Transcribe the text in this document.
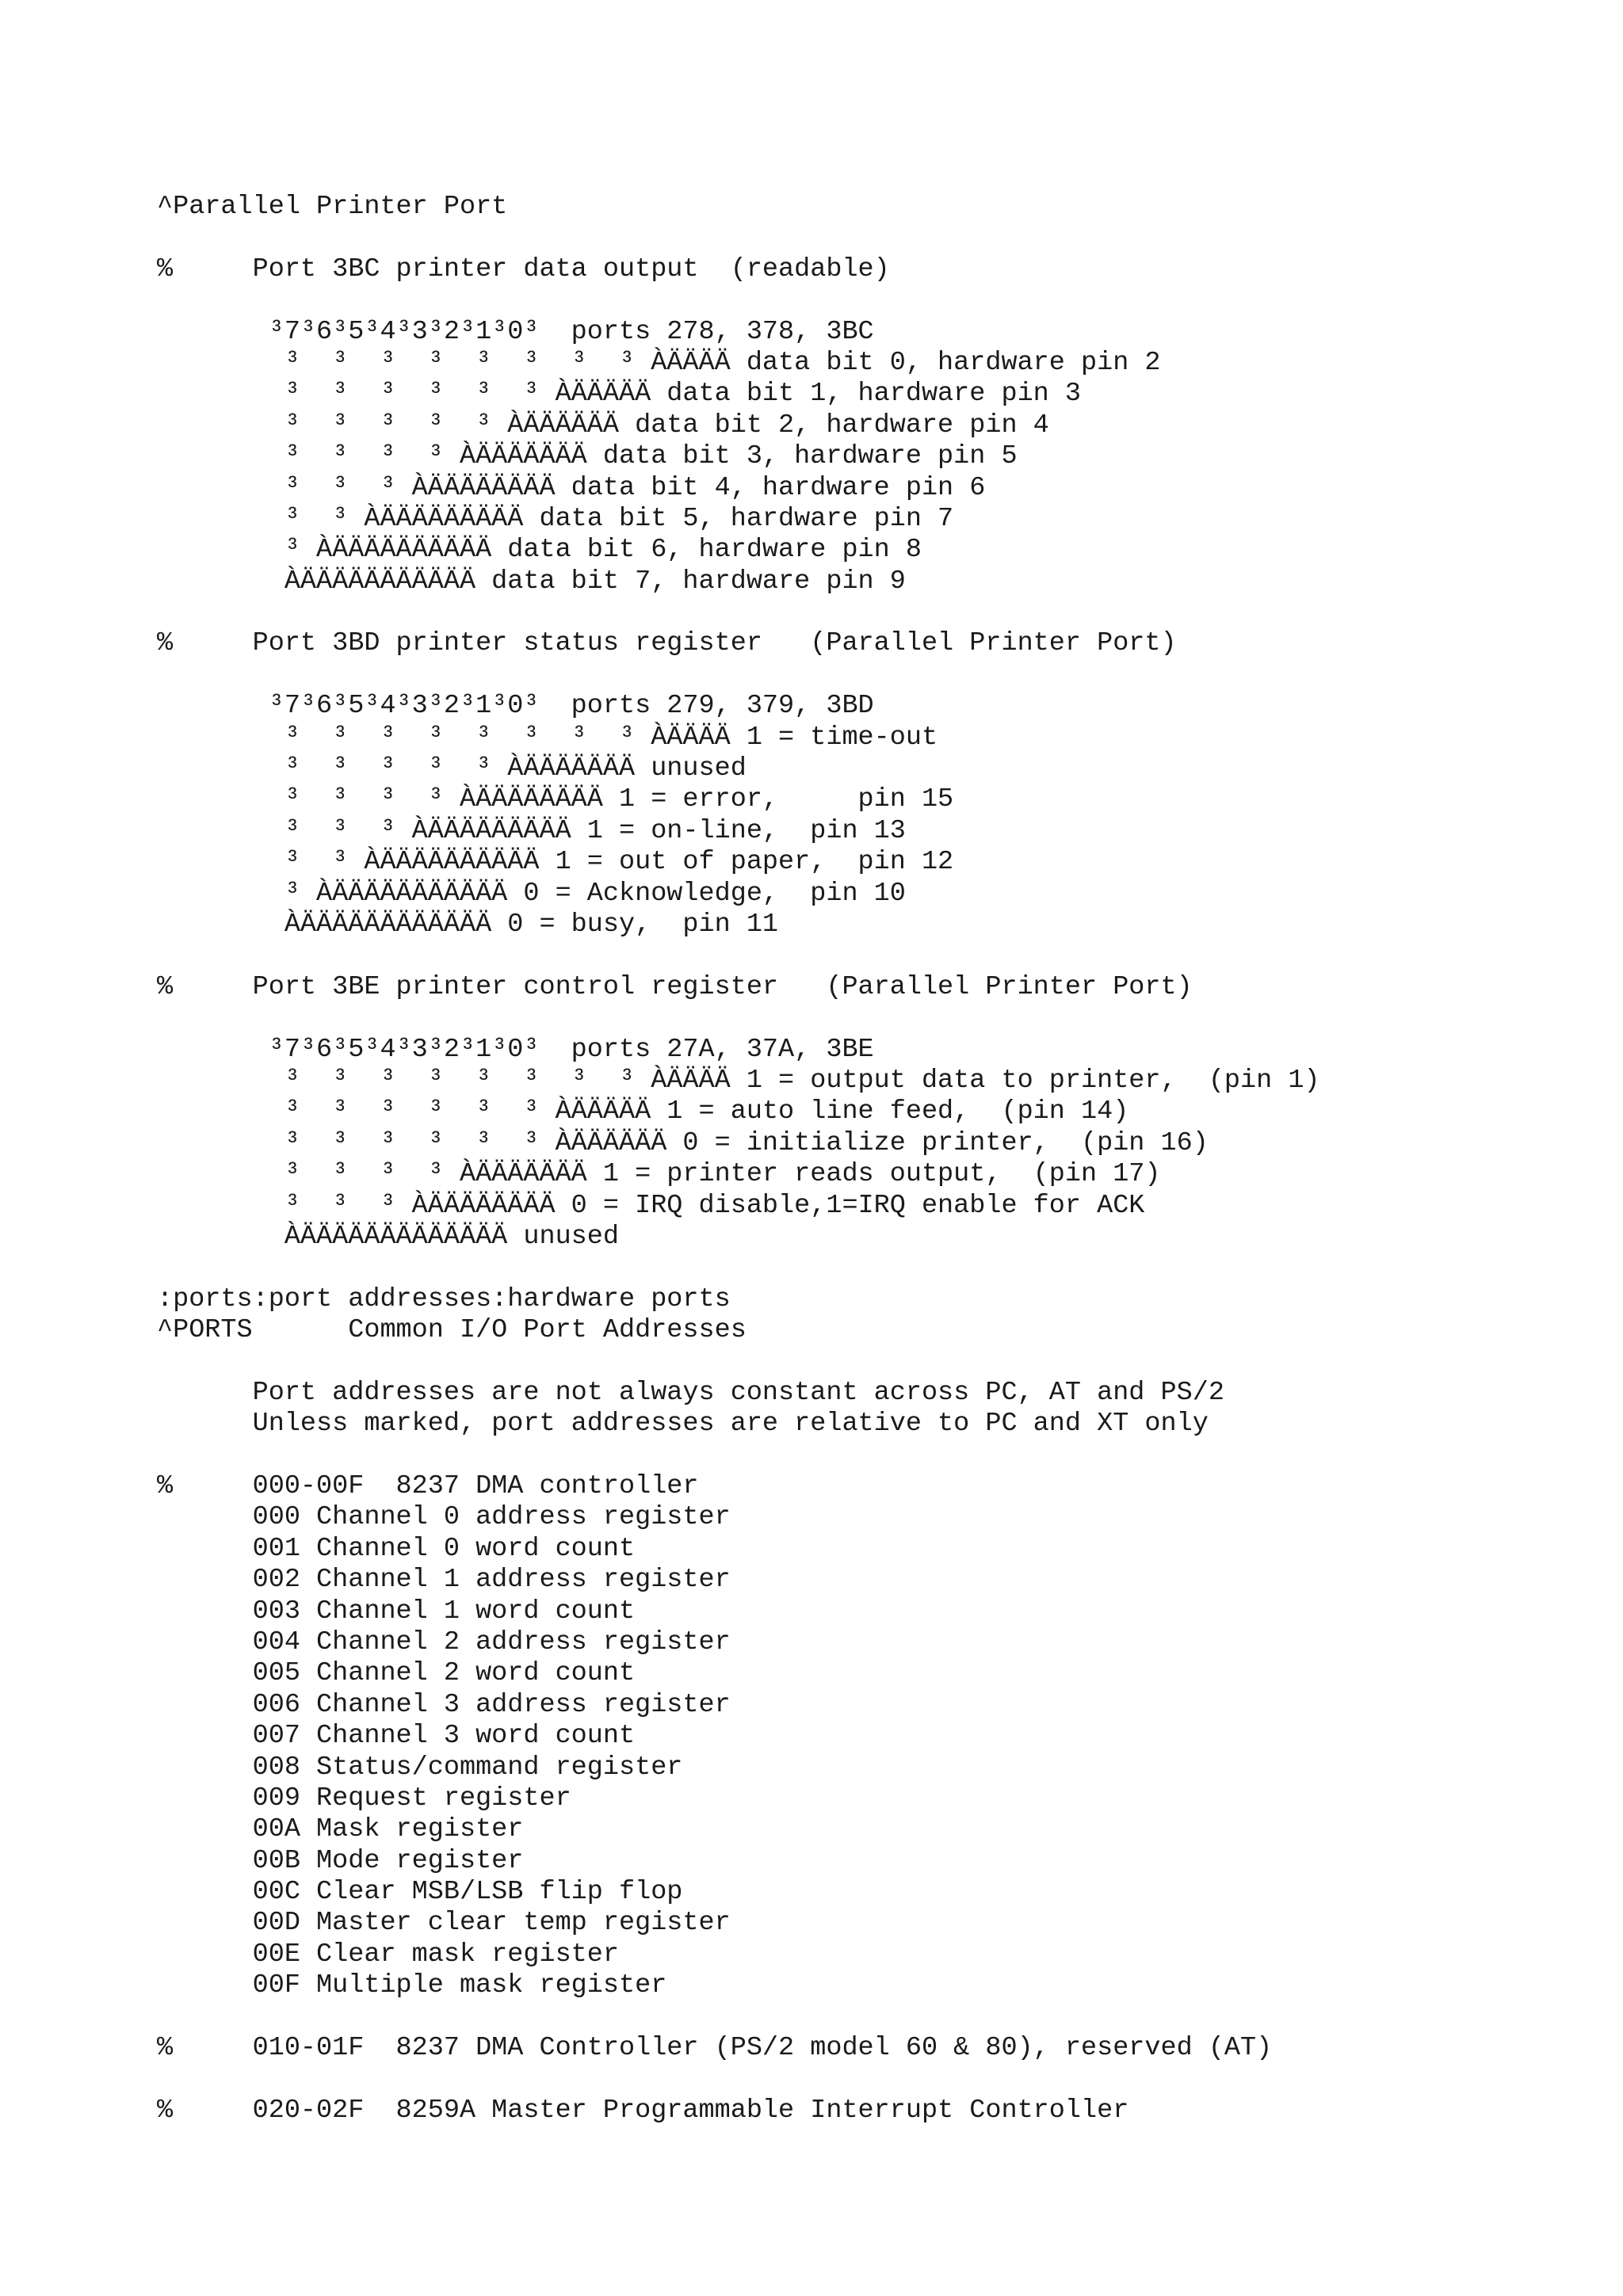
^Parallel Printer Port

%     Port 3BC printer data output  (readable)

³7³6³5³4³3³2³1³0³  ports 278, 378, 3BC
³  ³  ³  ³  ³  ³  ³  ³ ÀÄÄÄÄ data bit 0, hardware pin 2
³  ³  ³  ³  ³  ³ ÀÄÄÄÄÄ data bit 1, hardware pin 3
³  ³  ³  ³  ³ ÀÄÄÄÄÄÄ data bit 2, hardware pin 4
³  ³  ³  ³ ÀÄÄÄÄÄÄÄ data bit 3, hardware pin 5
³  ³  ³ ÀÄÄÄÄÄÄÄÄ data bit 4, hardware pin 6
³  ³ ÀÄÄÄÄÄÄÄÄÄ data bit 5, hardware pin 7
³ ÀÄÄÄÄÄÄÄÄÄÄ data bit 6, hardware pin 8
ÀÄÄÄÄÄÄÄÄÄÄÄ data bit 7, hardware pin 9

%     Port 3BD printer status register   (Parallel Printer Port)

³7³6³5³4³3³2³1³0³  ports 279, 379, 3BD
³  ³  ³  ³  ³  ³  ³  ³ ÀÄÄÄÄ 1 = time-out
³  ³  ³  ³  ³ ÀÄÄÄÄÄÄÄ unused
³  ³  ³  ³ ÀÄÄÄÄÄÄÄÄ 1 = error,     pin 15
³  ³  ³ ÀÄÄÄÄÄÄÄÄÄ 1 = on-line,  pin 13
³  ³ ÀÄÄÄÄÄÄÄÄÄÄ 1 = out of paper,  pin 12
³ ÀÄÄÄÄÄÄÄÄÄÄÄ 0 = Acknowledge,  pin 10
ÀÄÄÄÄÄÄÄÄÄÄÄÄ 0 = busy,  pin 11

%     Port 3BE printer control register   (Parallel Printer Port)

³7³6³5³4³3³2³1³0³  ports 27A, 37A, 3BE
³  ³  ³  ³  ³  ³  ³  ³ ÀÄÄÄÄ 1 = output data to printer,  (pin 1)
³  ³  ³  ³  ³  ³ ÀÄÄÄÄÄ 1 = auto line feed,  (pin 14)
³  ³  ³  ³  ³  ³ ÀÄÄÄÄÄÄ 0 = initialize printer,  (pin 16)
³  ³  ³  ³ ÀÄÄÄÄÄÄÄ 1 = printer reads output,  (pin 17)
³  ³  ³ ÀÄÄÄÄÄÄÄÄ 0 = IRQ disable,1=IRQ enable for ACK
ÀÄÄÄÄÄÄÄÄÄÄÄÄÄ unused

:ports:port addresses:hardware ports
^PORTS      Common I/O Port Addresses

Port addresses are not always constant across PC, AT and PS/2
Unless marked, port addresses are relative to PC and XT only

%     000-00F  8237 DMA controller
000 Channel 0 address register
001 Channel 0 word count
002 Channel 1 address register
003 Channel 1 word count
004 Channel 2 address register
005 Channel 2 word count
006 Channel 3 address register
007 Channel 3 word count
008 Status/command register
009 Request register
00A Mask register
00B Mode register
00C Clear MSB/LSB flip flop
00D Master clear temp register
00E Clear mask register
00F Multiple mask register

%     010-01F  8237 DMA Controller (PS/2 model 60 & 80), reserved (AT)

%     020-02F  8259A Master Programmable Interrupt Controller
